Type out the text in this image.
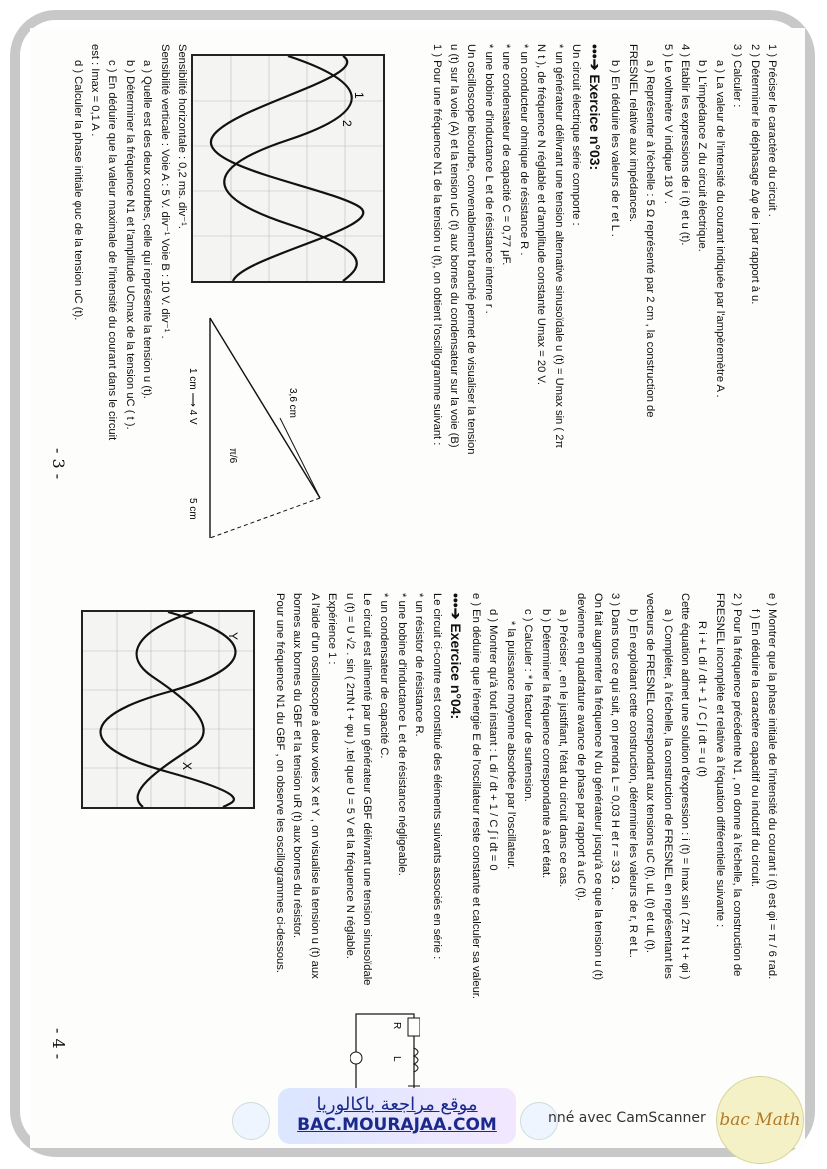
1 ) Préciser le caractère du circuit .

2 ) Déterminer le déphasage Δφ de i par rapport à u.

3 ) Calculer :

a ) La valeur de l'intensité du courant indiquée par l'ampèremètre A .

b ) L'impédance Z du circuit électrique.

4 ) Etablir les expressions de i (t) et u (t).

5 ) Le voltmètre V indique 18 V .

a ) Représenter à l'échelle : 5 Ω représenté par 2 cm , la construction de

FRESNEL relative aux impédances.

b ) En déduire les valeurs de r et L .

•••➔ Exercice n°03:

Un circuit électrique série comporte :

* un générateur délivrant une tension alternative sinusoïdale u (t) = Umax sin ( 2π

N t ), de fréquence N réglable et d'amplitude constante Umax = 20 V.

* un conducteur ohmique de résistance R .

* une condensateur de capacité C = 0,77 μF.

* une bobine d'inductance L et de résistance interne r .

Un oscilloscope bicourbe, convenablement branché permet de visualiser la tension

u (t) sur la voie (A) et la tension uC (t) aux bornes du condensateur sur la voie (B)

1 ) Pour une fréquence N1 de la tension u (t), on obtient l'oscillogramme suivant :

1
2
1 cm ⟶ 4 V
5 cm
3,6 cm
π/6

Sensibilité horizontale : 0,2 ms. div⁻¹.

Sensibilité verticale : Voie A : 5 V. div⁻¹ Voie B : 10 V. div⁻¹ .

a ) Quelle est des deux courbes, celle qui représente la tension u (t).

b ) Déterminer la fréquence N1 et l'amplitude UCmax de la tension uC ( t ).

c ) En déduire que la valeur maximale de l'intensité du courant dans le circuit

est : Imax = 0,1 A .

d ) Calculer la phase initiale φuc de la tension uC (t).

- 3 -

e ) Montrer que la phase initiale de l'intensité du courant i (t) est φi = π / 6 rad.

f ) En déduire la caractère capacitif ou inductif du circuit.

2 ) Pour la fréquence précédente N1 , on donne à l'échelle, la construction de

FRESNEL incomplète et relative à l'équation différentielle suivante :

R i + L di / dt + 1 / C ∫ i dt = u (t)

Cette équation admet une solution d'expression : i (t) = Imax sin ( 2π N t + φi )

a ) Compléter, à l'échelle, la construction de FRESNEL en représentant les

vecteurs de FRESNEL correspondant aux tensions uC (t), uL (t) et uL (t).

b ) En exploitant cette construction, déterminer les valeurs de r, R et L.

3 ) Dans tous ce qui suit, on prendra L = 0,03 H et r = 33 Ω .

On fait augmenter la fréquence N du générateur jusqu'à ce que la tension u (t)

devienne en quadrature avance de phase par rapport à uC (t).

a ) Préciser , en le justifiant, l'état du circuit dans ce cas.

b ) Déterminer la fréquence correspondante à cet état.

c ) Calculer : * le facteur de surtension.

* la puissance moyenne absorbée par l'oscillateur.

d ) Montrer qu'à tout instant : L di / dt + 1 / C ∫ i dt = 0

e ) En déduire que l'énergie E de l'oscillateur reste constante et calculer sa valeur.

•••➔ Exercice n°04:

Le circuit ci-contre est constitué des éléments suivants associés en série :

* un résistor de résistance R.

* une bobine d'inductance L et de résistance négligeable.

* un condensateur de capacité C.

Le circuit est alimenté par un générateur GBF délivrant une tension sinusoïdale

u (t) = U √2 . sin ( 2πN t + φu ) .tel que U = 5 V et la fréquence N réglable.

Expérience 1 :

A l'aide d'un oscilloscope à deux voies X et Y , on visualise la tension u (t) aux

bornes aux bornes du GBF et la tension uR (t) aux bornes du résistor.

Pour une fréquence N1 du GBF , on observe les oscillogrammes ci-dessous.

R
L
Y
X
- 4 -
موقع مراجعة باكالوريا
BAC.MOURAJAA.COM	nné avec CamScanner bac Math
